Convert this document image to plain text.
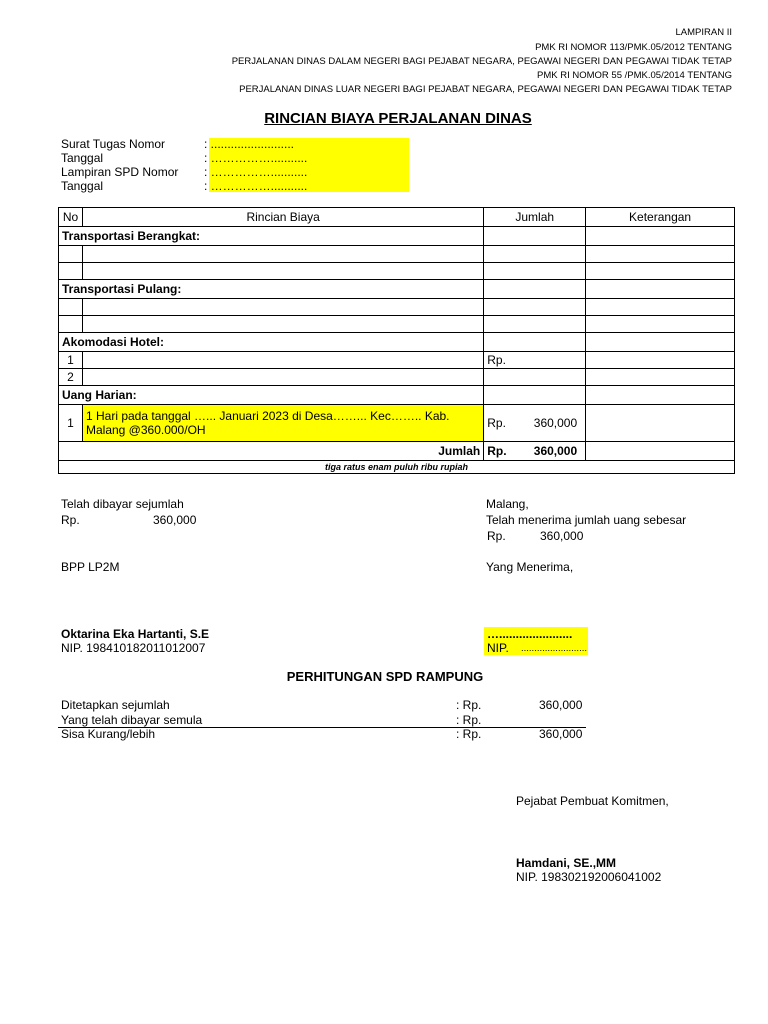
LAMPIRAN II
PMK RI NOMOR 113/PMK.05/2012 TENTANG
PERJALANAN DINAS DALAM NEGERI BAGI PEJABAT NEGARA, PEGAWAI NEGERI DAN PEGAWAI TIDAK TETAP
PMK RI NOMOR 55 /PMK.05/2014 TENTANG
PERJALANAN DINAS LUAR NEGERI BAGI PEJABAT NEGARA, PEGAWAI NEGERI DAN PEGAWAI TIDAK TETAP
RINCIAN BIAYA PERJALANAN DINAS
Surat Tugas Nomor	: .........................
Tanggal	: ……………...........
Lampiran SPD Nomor : ……………...........
Tanggal	: ……………...........
No	Rincian Biaya	Jumlah	Keterangan
Transportasi Berangkat:			

Transportasi Pulang:			

Akomodasi Hotel:			
1		Rp.	
2			
Uang Harian:			
1	1 Hari pada tanggal …... Januari 2023 di Desa……... Kec…….. Kab. Malang @360.000/OH	Rp. 360,000	

Jumlah		Rp. 360,000	

tiga ratus enam puluh ribu rupiah			
Telah dibayar sejumlah
Rp.	360,000
BPP LP2M
Oktarina Eka Hartanti, S.E
NIP. 198410182011012007
Malang,
Telah menerima jumlah uang sebesar
Rp.	360,000
Yang Menerima,
…......................
NIP. .........................
PERHITUNGAN SPD RAMPUNG
Ditetapkan sejumlah	: Rp.	360,000
Yang telah dibayar semula	: Rp.
Sisa Kurang/lebih	: Rp.	360,000
Pejabat Pembuat Komitmen,
Hamdani, SE.,MM
NIP. 198302192006041002
